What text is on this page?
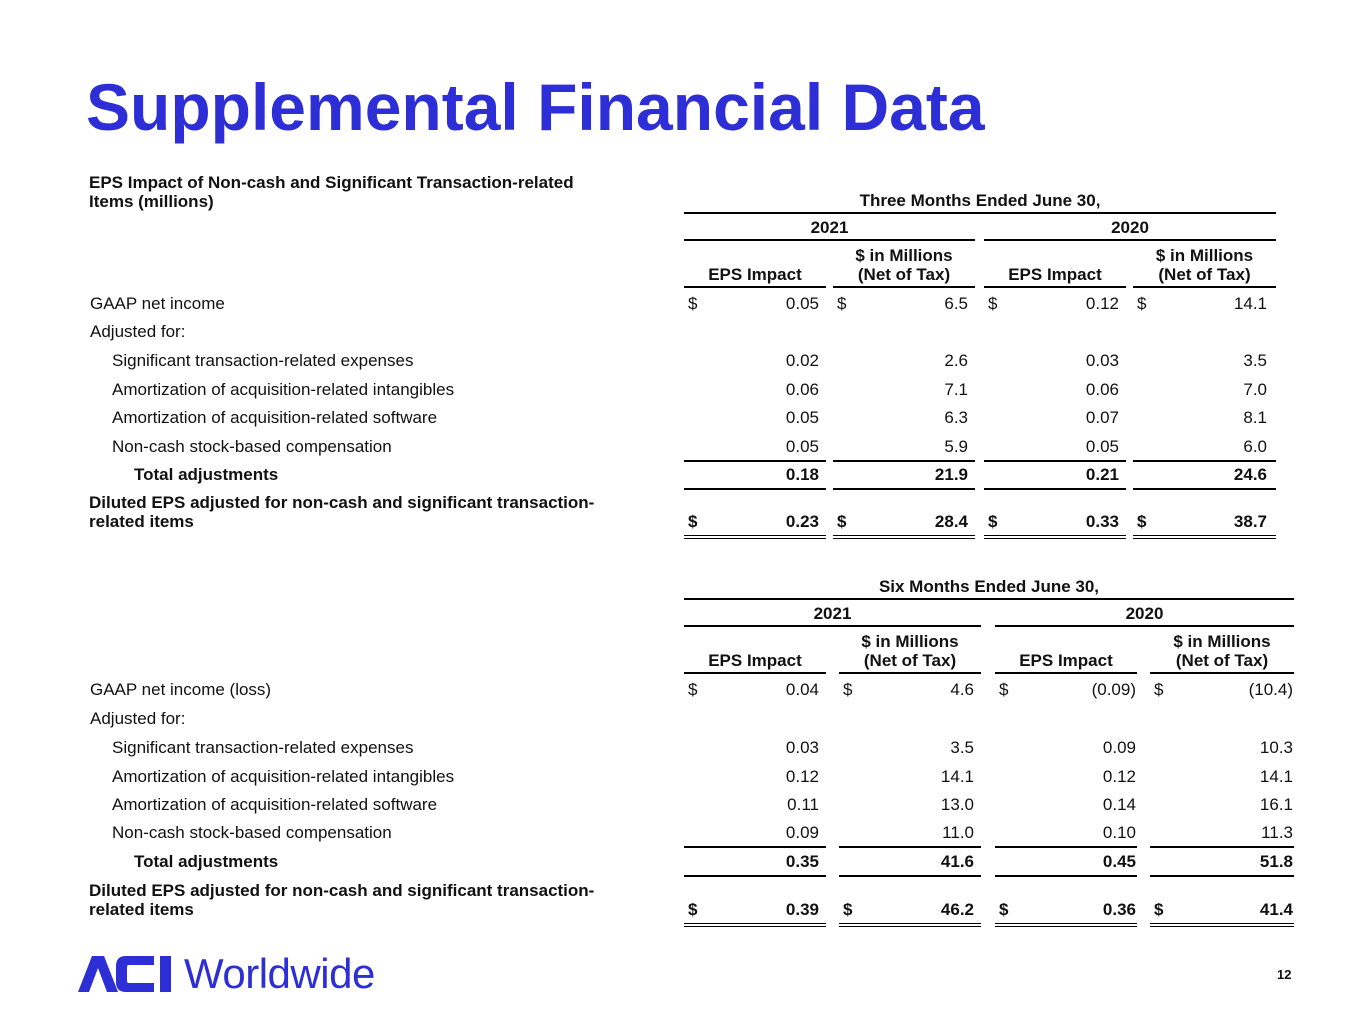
Supplemental Financial Data
EPS Impact of Non-cash and Significant Transaction-related
Items (millions)	Three Months Ended June 30,
2021	2020
EPS Impact
$ in Millions
(Net of Tax)	EPS Impact
$ in Millions
(Net of Tax)
GAAP net income	$	0.05 $	6.5 $	0.12 $	14.1
Adjusted for:
Significant transaction-related expenses	0.02	2.6	0.03	3.5
Amortization of acquisition-related intangibles	0.06	7.1	0.06	7.0
Amortization of acquisition-related software	0.05	6.3	0.07	8.1
Non-cash stock-based compensation	0.05	5.9	0.05	6.0
Total adjustments	0.18	21.9	0.21	24.6
Diluted EPS adjusted for non-cash and significant transaction-
related items	$	0.23 $	28.4 $	0.33 $	38.7
Six Months Ended June 30,
2021	2020
EPS Impact
$ in Millions
(Net of Tax)	EPS Impact
$ in Millions
(Net of Tax)
GAAP net income (loss)	$	0.04 $	4.6 $	(0.09) $	(10.4)
Adjusted for:
Significant transaction-related expenses	0.03	3.5	0.09	10.3
Amortization of acquisition-related intangibles	0.12	14.1	0.12	14.1
Amortization of acquisition-related software	0.11	13.0	0.14	16.1
Non-cash stock-based compensation	0.09	11.0	0.10	11.3
Total adjustments	0.35	41.6	0.45	51.8
Diluted EPS adjusted for non-cash and significant transaction-
related items	$	0.39 $	46.2 $	0.36 $	41.4
Worldwide	12
